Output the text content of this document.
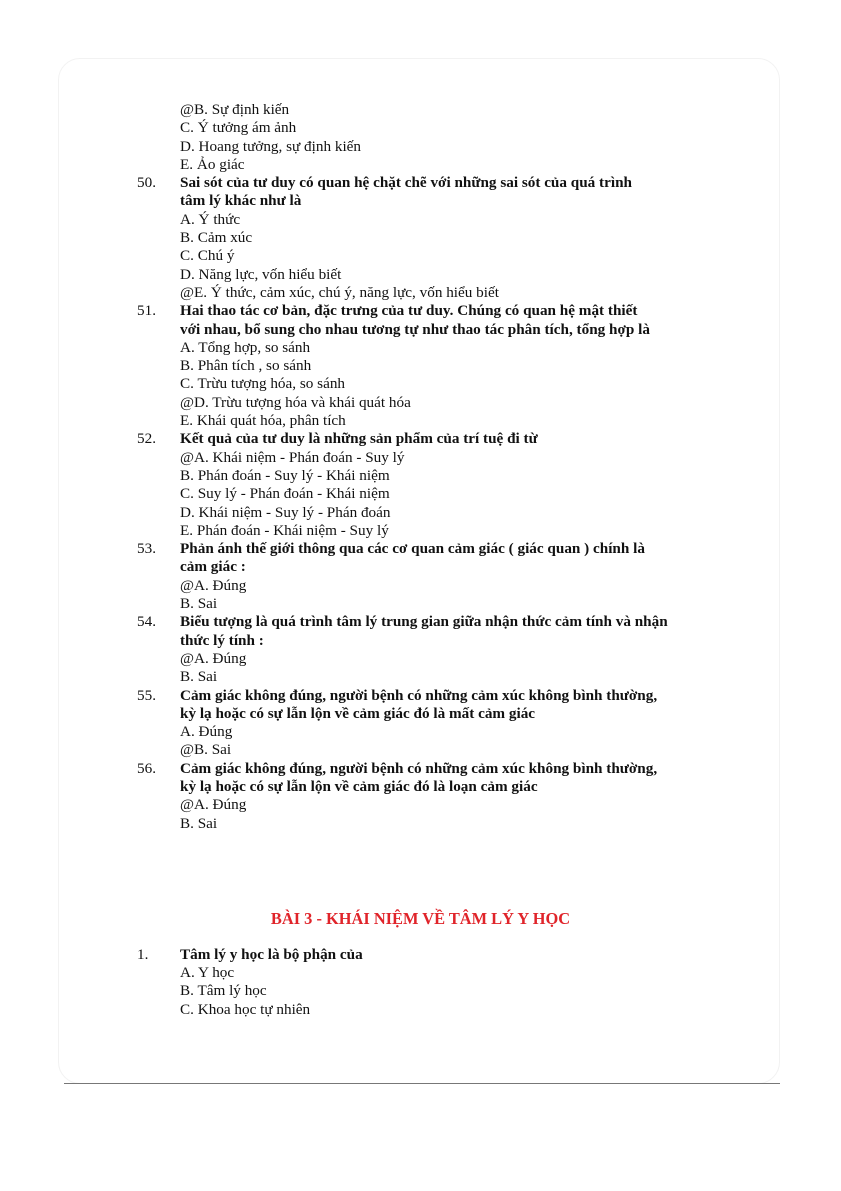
@B. Sự định kiến
C. Ý tưởng ám ảnh
D. Hoang tưởng, sự định kiến
E. Ảo giác
50. Sai sót của tư duy có quan hệ chặt chẽ với những sai sót của quá trình
tâm lý khác như là
A. Ý thức
B. Cảm xúc
C. Chú ý
D. Năng lực, vốn hiểu biết
@E. Ý thức, cảm xúc, chú ý, năng lực, vốn hiểu biết
51. Hai thao tác cơ bản, đặc trưng của tư duy. Chúng có quan hệ mật thiết
với nhau, bổ sung cho nhau tương tự như thao tác phân tích, tổng hợp là
A. Tổng hợp, so sánh
B. Phân tích , so sánh
C. Trừu tượng hóa, so sánh
@D. Trừu tượng hóa và khái quát hóa
E. Khái quát hóa, phân tích
52. Kết quả của tư duy là những sản phẩm của trí tuệ đi từ
@A. Khái niệm - Phán đoán - Suy lý
B. Phán đoán - Suy lý - Khái niệm
C. Suy lý - Phán đoán - Khái niệm
D. Khái niệm - Suy lý - Phán đoán
E. Phán đoán - Khái niệm - Suy lý
53. Phản ánh thế giới thông qua các cơ quan cảm giác ( giác quan ) chính là
cảm giác :
@A. Đúng
B. Sai
54. Biểu tượng là quá trình tâm lý trung gian giữa nhận thức cảm tính và nhận
thức lý tính :
@A. Đúng
B. Sai
55. Cảm giác không đúng, người bệnh có những cảm xúc không bình thường,
kỳ lạ hoặc có sự lẫn lộn về cảm giác đó là mất cảm giác
A. Đúng
@B. Sai
56. Cảm giác không đúng, người bệnh có những cảm xúc không bình thường,
kỳ lạ hoặc có sự lẫn lộn về cảm giác đó là loạn cảm giác
@A. Đúng
B. Sai
BÀI 3 - KHÁI NIỆM VỀ TÂM LÝ Y HỌC
1. Tâm lý y học là bộ phận của
A. Y học
B. Tâm lý học
C. Khoa học tự nhiên
